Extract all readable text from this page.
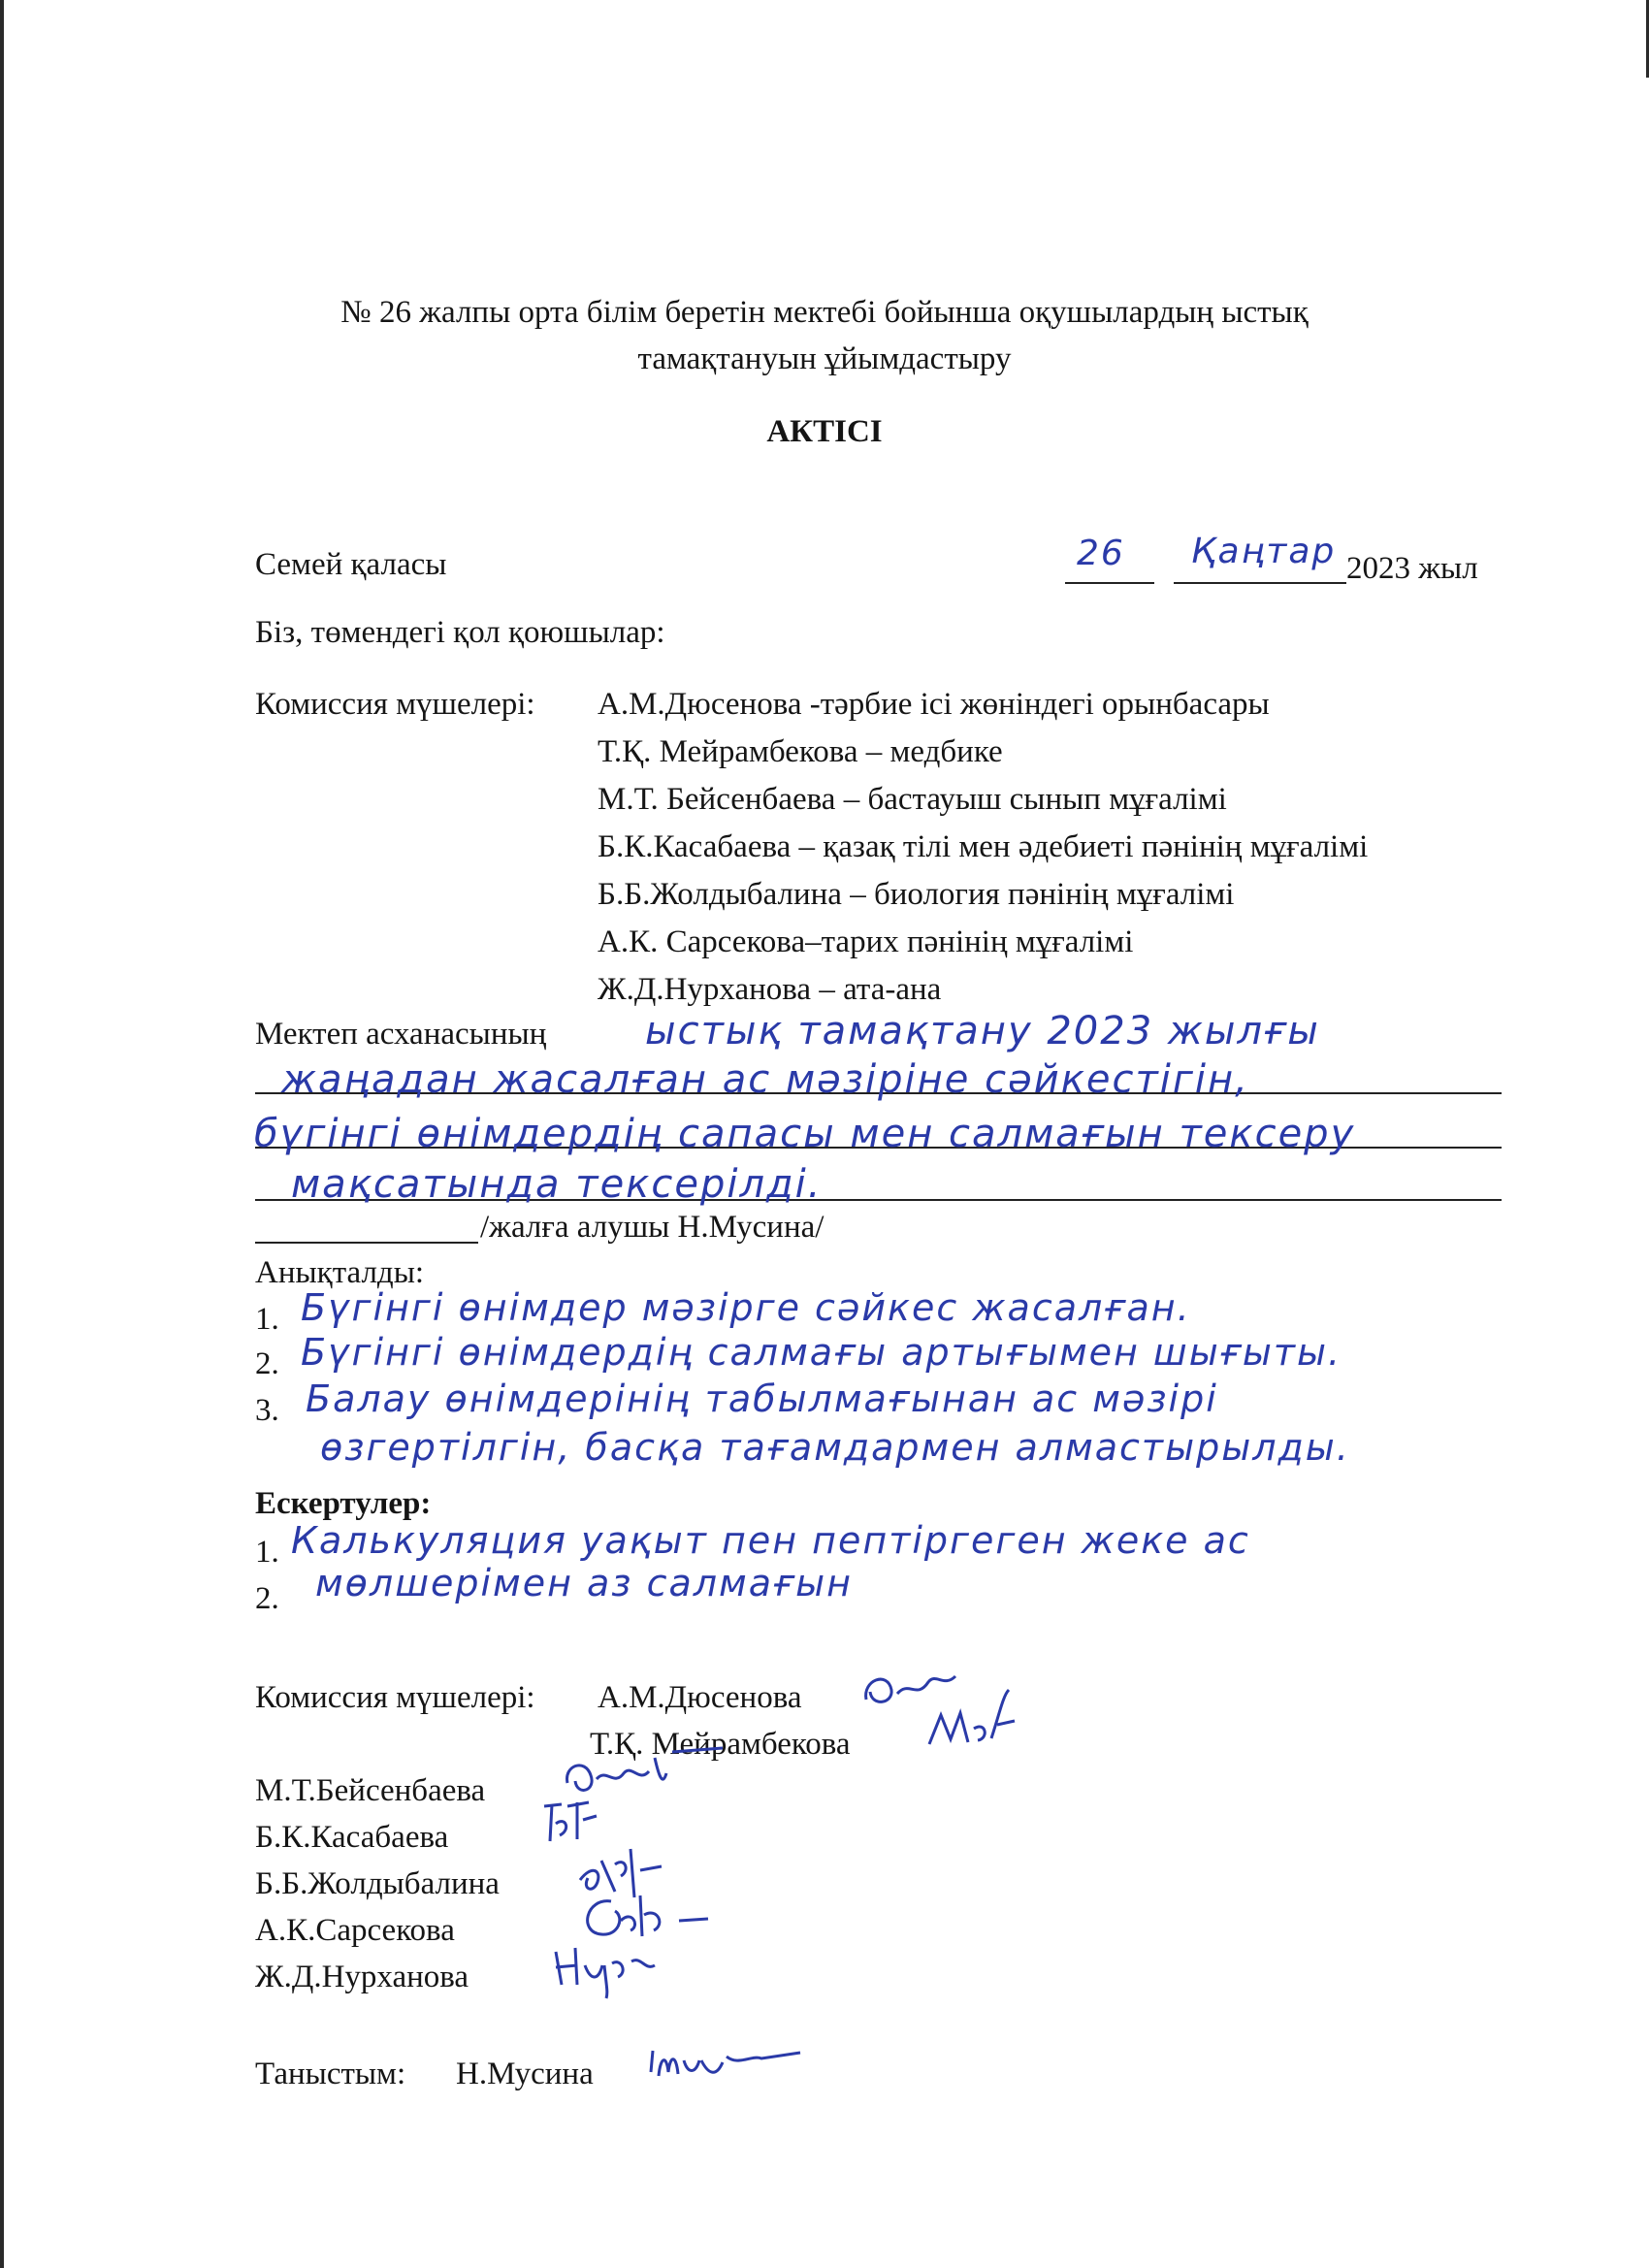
№ 26 жалпы орта білім беретін мектебі бойынша оқушылардың ыстық
тамақтануын ұйымдастыру
АКТІСІ
Семей қаласы	26 Қаңтар 2023 жыл
Біз, төмендегі қол қоюшылар:
Комиссия мүшелері: А.М.Дюсенова -тәрбие ісі жөніндегі орынбасары
Т.Қ. Мейрамбекова – медбике
М.Т. Бейсенбаева – бастауыш сынып мұғалімі
Б.К.Касабаева – қазақ тілі мен әдебиеті пәнінің мұғалімі
Б.Б.Жолдыбалина – биология пәнінің мұғалімі
А.К. Сарсекова–тарих пәнінің мұғалімі
Ж.Д.Нурханова – ата-ана
Мектеп асханасының	ыстық тамақтану 2023 жылғы
жаңадан жасалған ас мәзіріне сәйкестігін,
бүгінгі өнімдердің сапасы мен салмағын тексеру
мақсатында тексерілді.
/жалға алушы Н.Мусина/
Анықталды:
1. Бүгінгі өнімдер мәзірге сәйкес жасалған.
2. Бүгінгі өнімдердің салмағы артығымен шығыты.
3. Балау өнімдерінің табылмағынан ас мәзірі
өзгертілгін, басқа тағамдармен алмастырылды.
Ескертулер:
1. Калькуляция уақыт пен пептіргеген жеке ас
2. мөлшерімен аз салмағын
Комиссия мүшелері: А.М.Дюсенова
Т.Қ. Мейрамбекова
М.Т.Бейсенбаева
Б.К.Касабаева
Б.Б.Жолдыбалина
А.К.Сарсекова
Ж.Д.Нурханова
Таныстым: Н.Мусина
